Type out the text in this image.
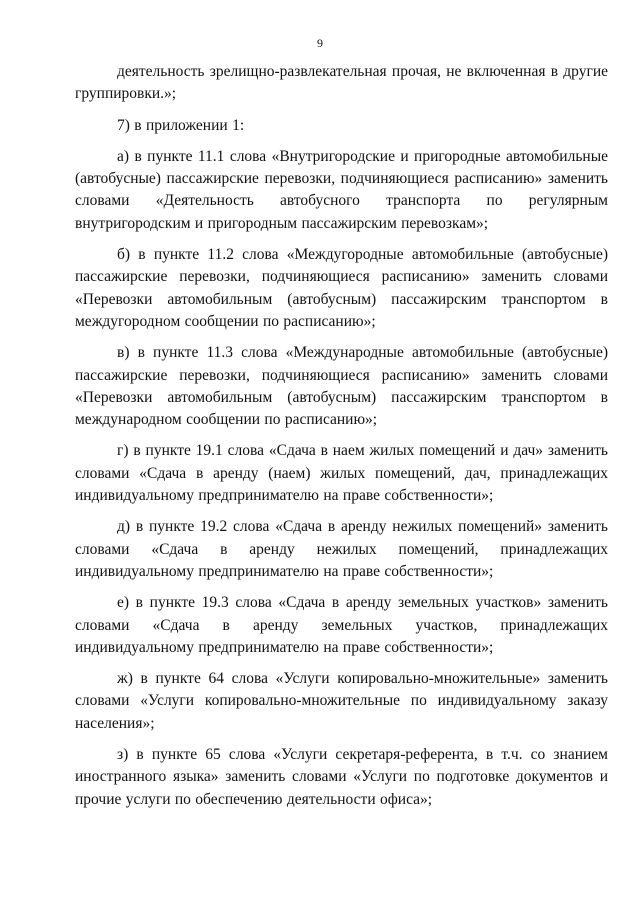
9

деятельность зрелищно-развлекательная прочая, не включенная в другие группировки.»;

7) в приложении 1:

а) в пункте 11.1 слова «Внутригородские и пригородные автомобильные (автобусные) пассажирские перевозки, подчиняющиеся расписанию» заменить словами «Деятельность автобусного транспорта по регулярным внутригородским и пригородным пассажирским перевозкам»;

б) в пункте 11.2 слова «Междугородные автомобильные (автобусные) пассажирские перевозки, подчиняющиеся расписанию» заменить словами «Перевозки автомобильным (автобусным) пассажирским транспортом в междугородном сообщении по расписанию»;

в) в пункте 11.3 слова «Международные автомобильные (автобусные) пассажирские перевозки, подчиняющиеся расписанию» заменить словами «Перевозки автомобильным (автобусным) пассажирским транспортом в международном сообщении по расписанию»;

г) в пункте 19.1 слова «Сдача в наем жилых помещений и дач» заменить словами «Сдача в аренду (наем) жилых помещений, дач, принадлежащих индивидуальному предпринимателю на праве собственности»;

д) в пункте 19.2 слова «Сдача в аренду нежилых помещений» заменить словами «Сдача в аренду нежилых помещений, принадлежащих индивидуальному предпринимателю на праве собственности»;

е) в пункте 19.3 слова «Сдача в аренду земельных участков» заменить словами «Сдача в аренду земельных участков, принадлежащих индивидуальному предпринимателю на праве собственности»;

ж) в пункте 64 слова «Услуги копировально-множительные» заменить словами «Услуги копировально-множительные по индивидуальному заказу населения»;

з) в пункте 65 слова «Услуги секретаря-референта, в т.ч. со знанием иностранного языка» заменить словами «Услуги по подготовке документов и прочие услуги по обеспечению деятельности офиса»;
